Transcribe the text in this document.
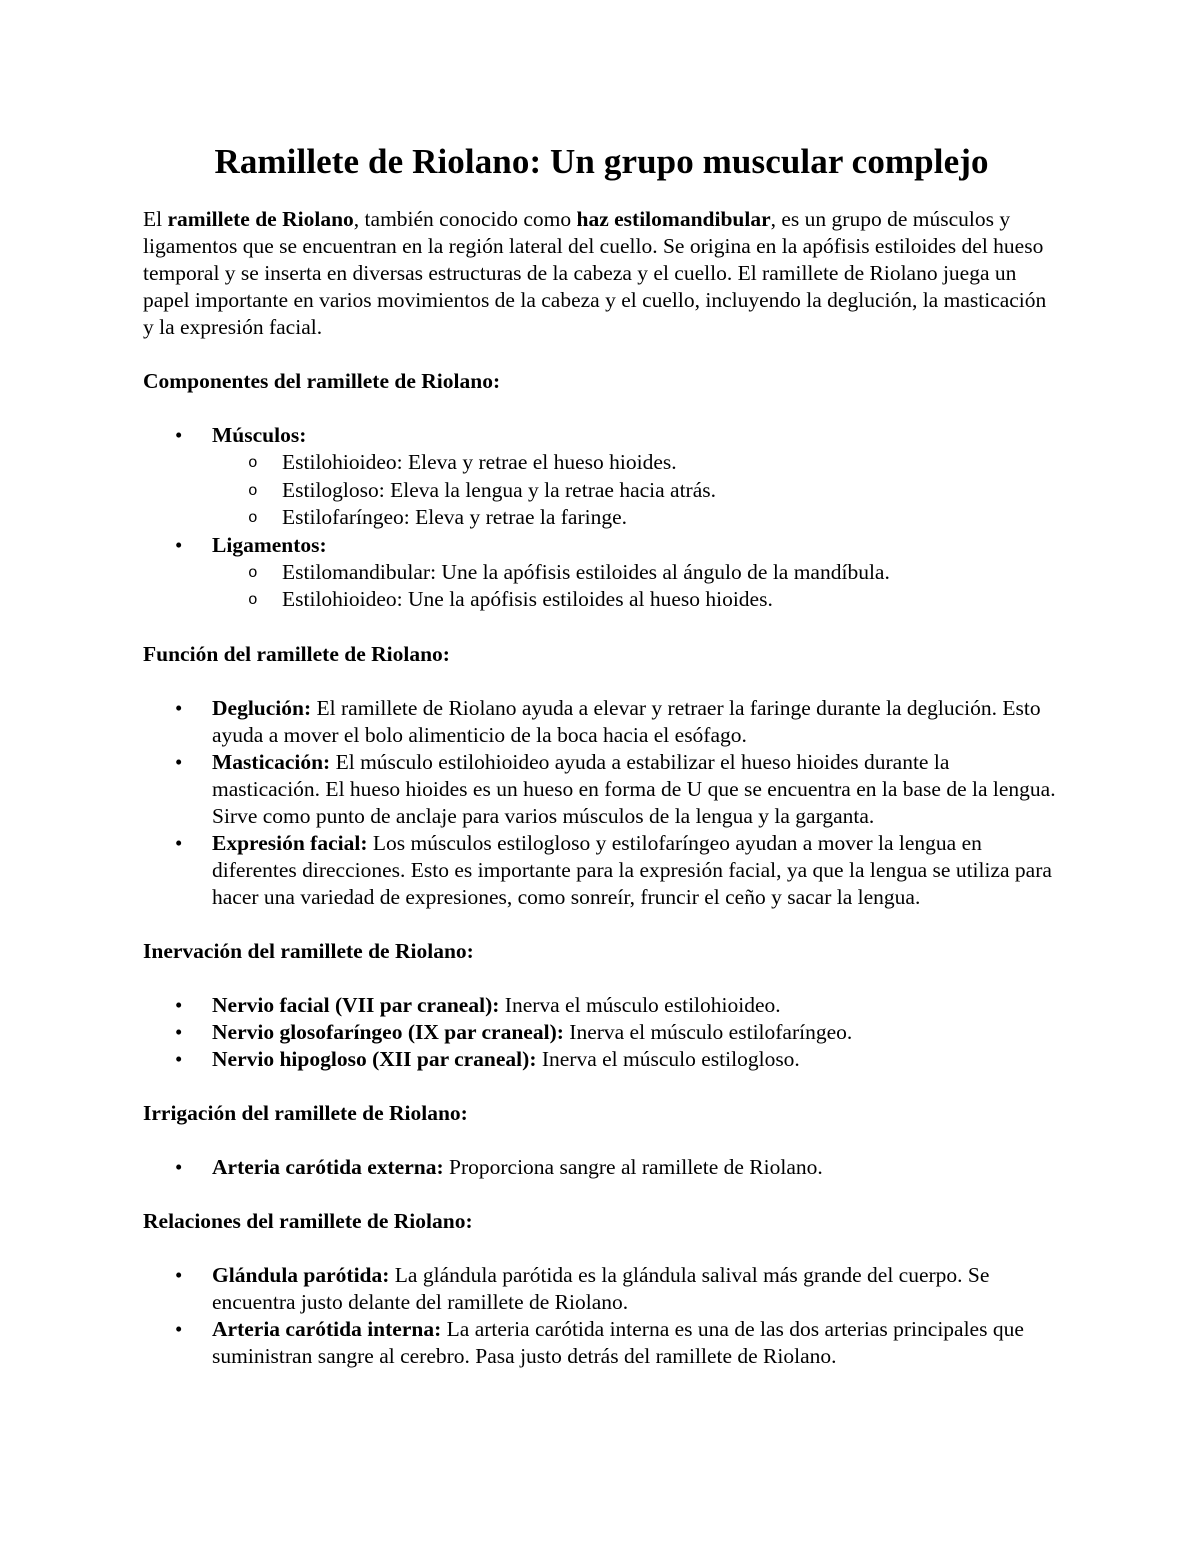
Ramillete de Riolano: Un grupo muscular complejo

El ramillete de Riolano, también conocido como haz estilomandibular, es un grupo de músculos y ligamentos que se encuentran en la región lateral del cuello. Se origina en la apófisis estiloides del hueso temporal y se inserta en diversas estructuras de la cabeza y el cuello. El ramillete de Riolano juega un papel importante en varios movimientos de la cabeza y el cuello, incluyendo la deglución, la masticación y la expresión facial.

Componentes del ramillete de Riolano:

• Músculos:
o Estilohioideo: Eleva y retrae el hueso hioides.
o Estilogloso: Eleva la lengua y la retrae hacia atrás.
o Estilofaríngeo: Eleva y retrae la faringe.
• Ligamentos:
o Estilomandibular: Une la apófisis estiloides al ángulo de la mandíbula.
o Estilohioideo: Une la apófisis estiloides al hueso hioides.

Función del ramillete de Riolano:

• Deglución: El ramillete de Riolano ayuda a elevar y retraer la faringe durante la deglución. Esto ayuda a mover el bolo alimenticio de la boca hacia el esófago.
• Masticación: El músculo estilohioideo ayuda a estabilizar el hueso hioides durante la masticación. El hueso hioides es un hueso en forma de U que se encuentra en la base de la lengua. Sirve como punto de anclaje para varios músculos de la lengua y la garganta.
• Expresión facial: Los músculos estilogloso y estilofaríngeo ayudan a mover la lengua en diferentes direcciones. Esto es importante para la expresión facial, ya que la lengua se utiliza para hacer una variedad de expresiones, como sonreír, fruncir el ceño y sacar la lengua.

Inervación del ramillete de Riolano:

• Nervio facial (VII par craneal): Inerva el músculo estilohioideo.
• Nervio glosofaríngeo (IX par craneal): Inerva el músculo estilofaríngeo.
• Nervio hipogloso (XII par craneal): Inerva el músculo estilogloso.

Irrigación del ramillete de Riolano:

• Arteria carótida externa: Proporciona sangre al ramillete de Riolano.

Relaciones del ramillete de Riolano:

• Glándula parótida: La glándula parótida es la glándula salival más grande del cuerpo. Se encuentra justo delante del ramillete de Riolano.
• Arteria carótida interna: La arteria carótida interna es una de las dos arterias principales que suministran sangre al cerebro. Pasa justo detrás del ramillete de Riolano.
